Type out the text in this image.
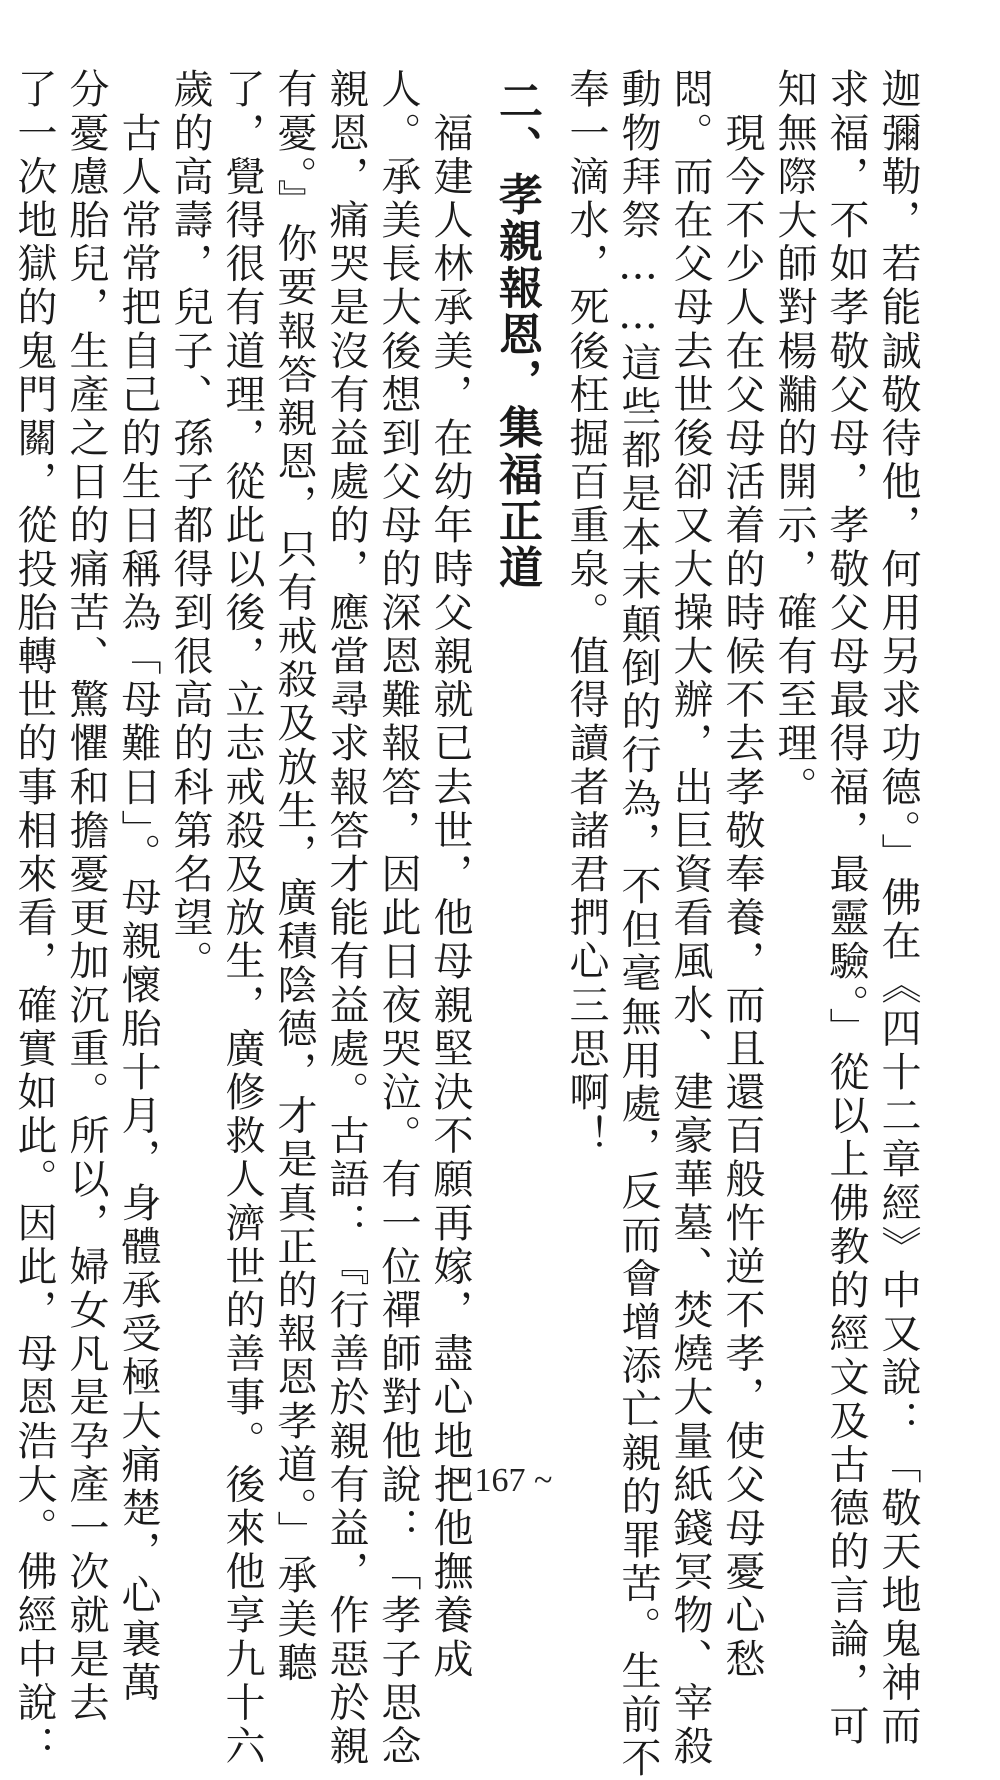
迦彌勒，若能誠敬待他，何用另求功德。」佛在《四十二章經》中又說：「敬天地鬼神而
求福，不如孝敬父母，孝敬父母最得福，最靈驗。」從以上佛教的經文及古德的言論，可
知無際大師對楊黼的開示，確有至理。
　現今不少人在父母活着的時候不去孝敬奉養，而且還百般忤逆不孝，使父母憂心愁
悶。而在父母去世後卻又大操大辦，出巨資看風水、建豪華墓、焚燒大量紙錢冥物、宰殺
動物拜祭……這些都是本末顛倒的行為，不但毫無用處，反而會增添亡親的罪苦。生前不
奉一滴水，死後枉掘百重泉。值得讀者諸君捫心三思啊！
二、孝親報恩，集福正道
　福建人林承美，在幼年時父親就已去世，他母親堅決不願再嫁，盡心地把他撫養成
人。承美長大後想到父母的深恩難報答，因此日夜哭泣。有一位禪師對他說：「孝子思念
親恩，痛哭是沒有益處的，應當尋求報答才能有益處。古語：『行善於親有益，作惡於親
有憂。』你要報答親恩，只有戒殺及放生，廣積陰德，才是真正的報恩孝道。」承美聽
了，覺得很有道理，從此以後，立志戒殺及放生，廣修救人濟世的善事。後來他享九十六
歲的高壽，兒子、孫子都得到很高的科第名望。
　古人常常把自己的生日稱為「母難日」。母親懷胎十月，身體承受極大痛楚，心裏萬
分憂慮胎兒，生產之日的痛苦、驚懼和擔憂更加沉重。所以，婦女凡是孕產一次就是去
了一次地獄的鬼門關，從投胎轉世的事相來看，確實如此。因此，母恩浩大。佛經中說：	~ 167 ~
